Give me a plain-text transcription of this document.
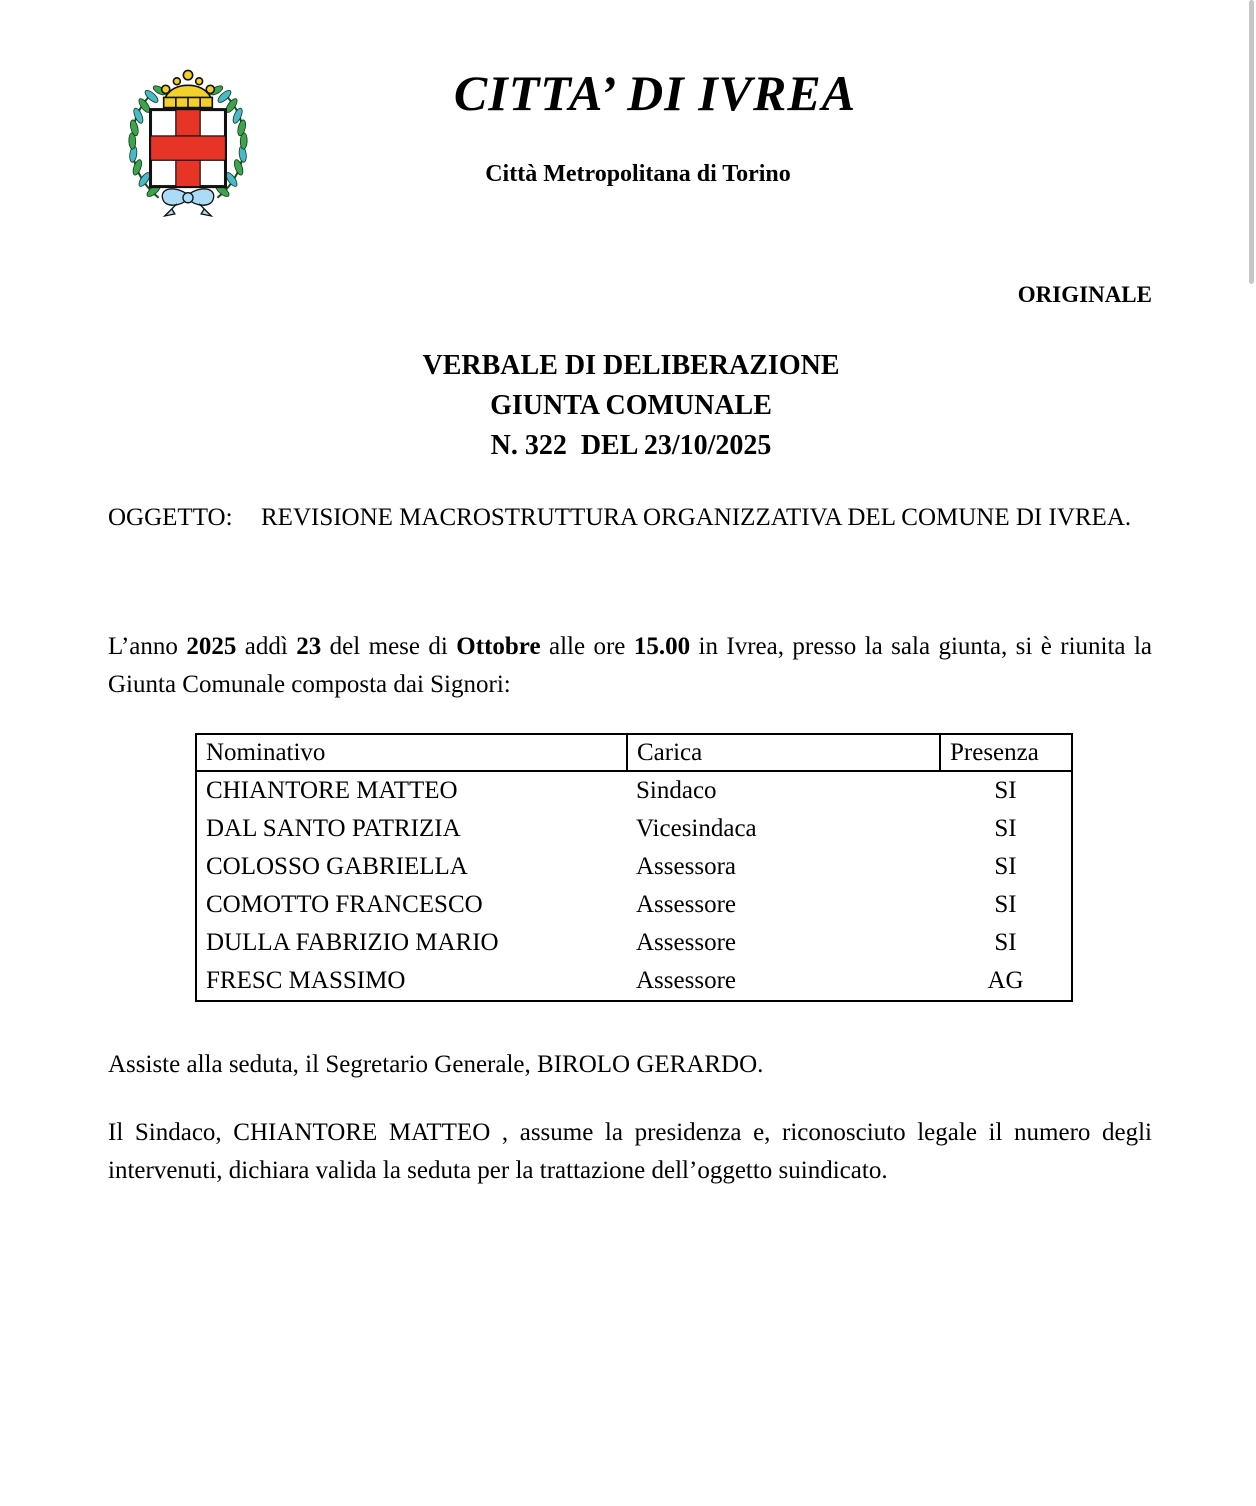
CITTA’ DI IVREA
Città Metropolitana di Torino
ORIGINALE
VERBALE DI DELIBERAZIONE
GIUNTA COMUNALE
N. 322  DEL 23/10/2025
OGGETTO:	REVISIONE MACROSTRUTTURA ORGANIZZATIVA DEL COMUNE DI IVREA.

L’anno 2025 addì 23 del mese di Ottobre alle ore 15.00 in Ivrea, presso la sala giunta, si è riunita la Giunta Comunale composta dai Signori:

Nominativo	Carica	Presenza
CHIANTORE MATTEO	Sindaco	SI
DAL SANTO PATRIZIA	Vicesindaca	SI
COLOSSO GABRIELLA	Assessora	SI
COMOTTO FRANCESCO	Assessore	SI
DULLA FABRIZIO MARIO	Assessore	SI
FRESC MASSIMO	Assessore	AG

Assiste alla seduta, il Segretario Generale, BIROLO GERARDO.

Il Sindaco, CHIANTORE MATTEO , assume la presidenza e, riconosciuto legale il numero degli intervenuti, dichiara valida la seduta per la trattazione dell’oggetto suindicato.
